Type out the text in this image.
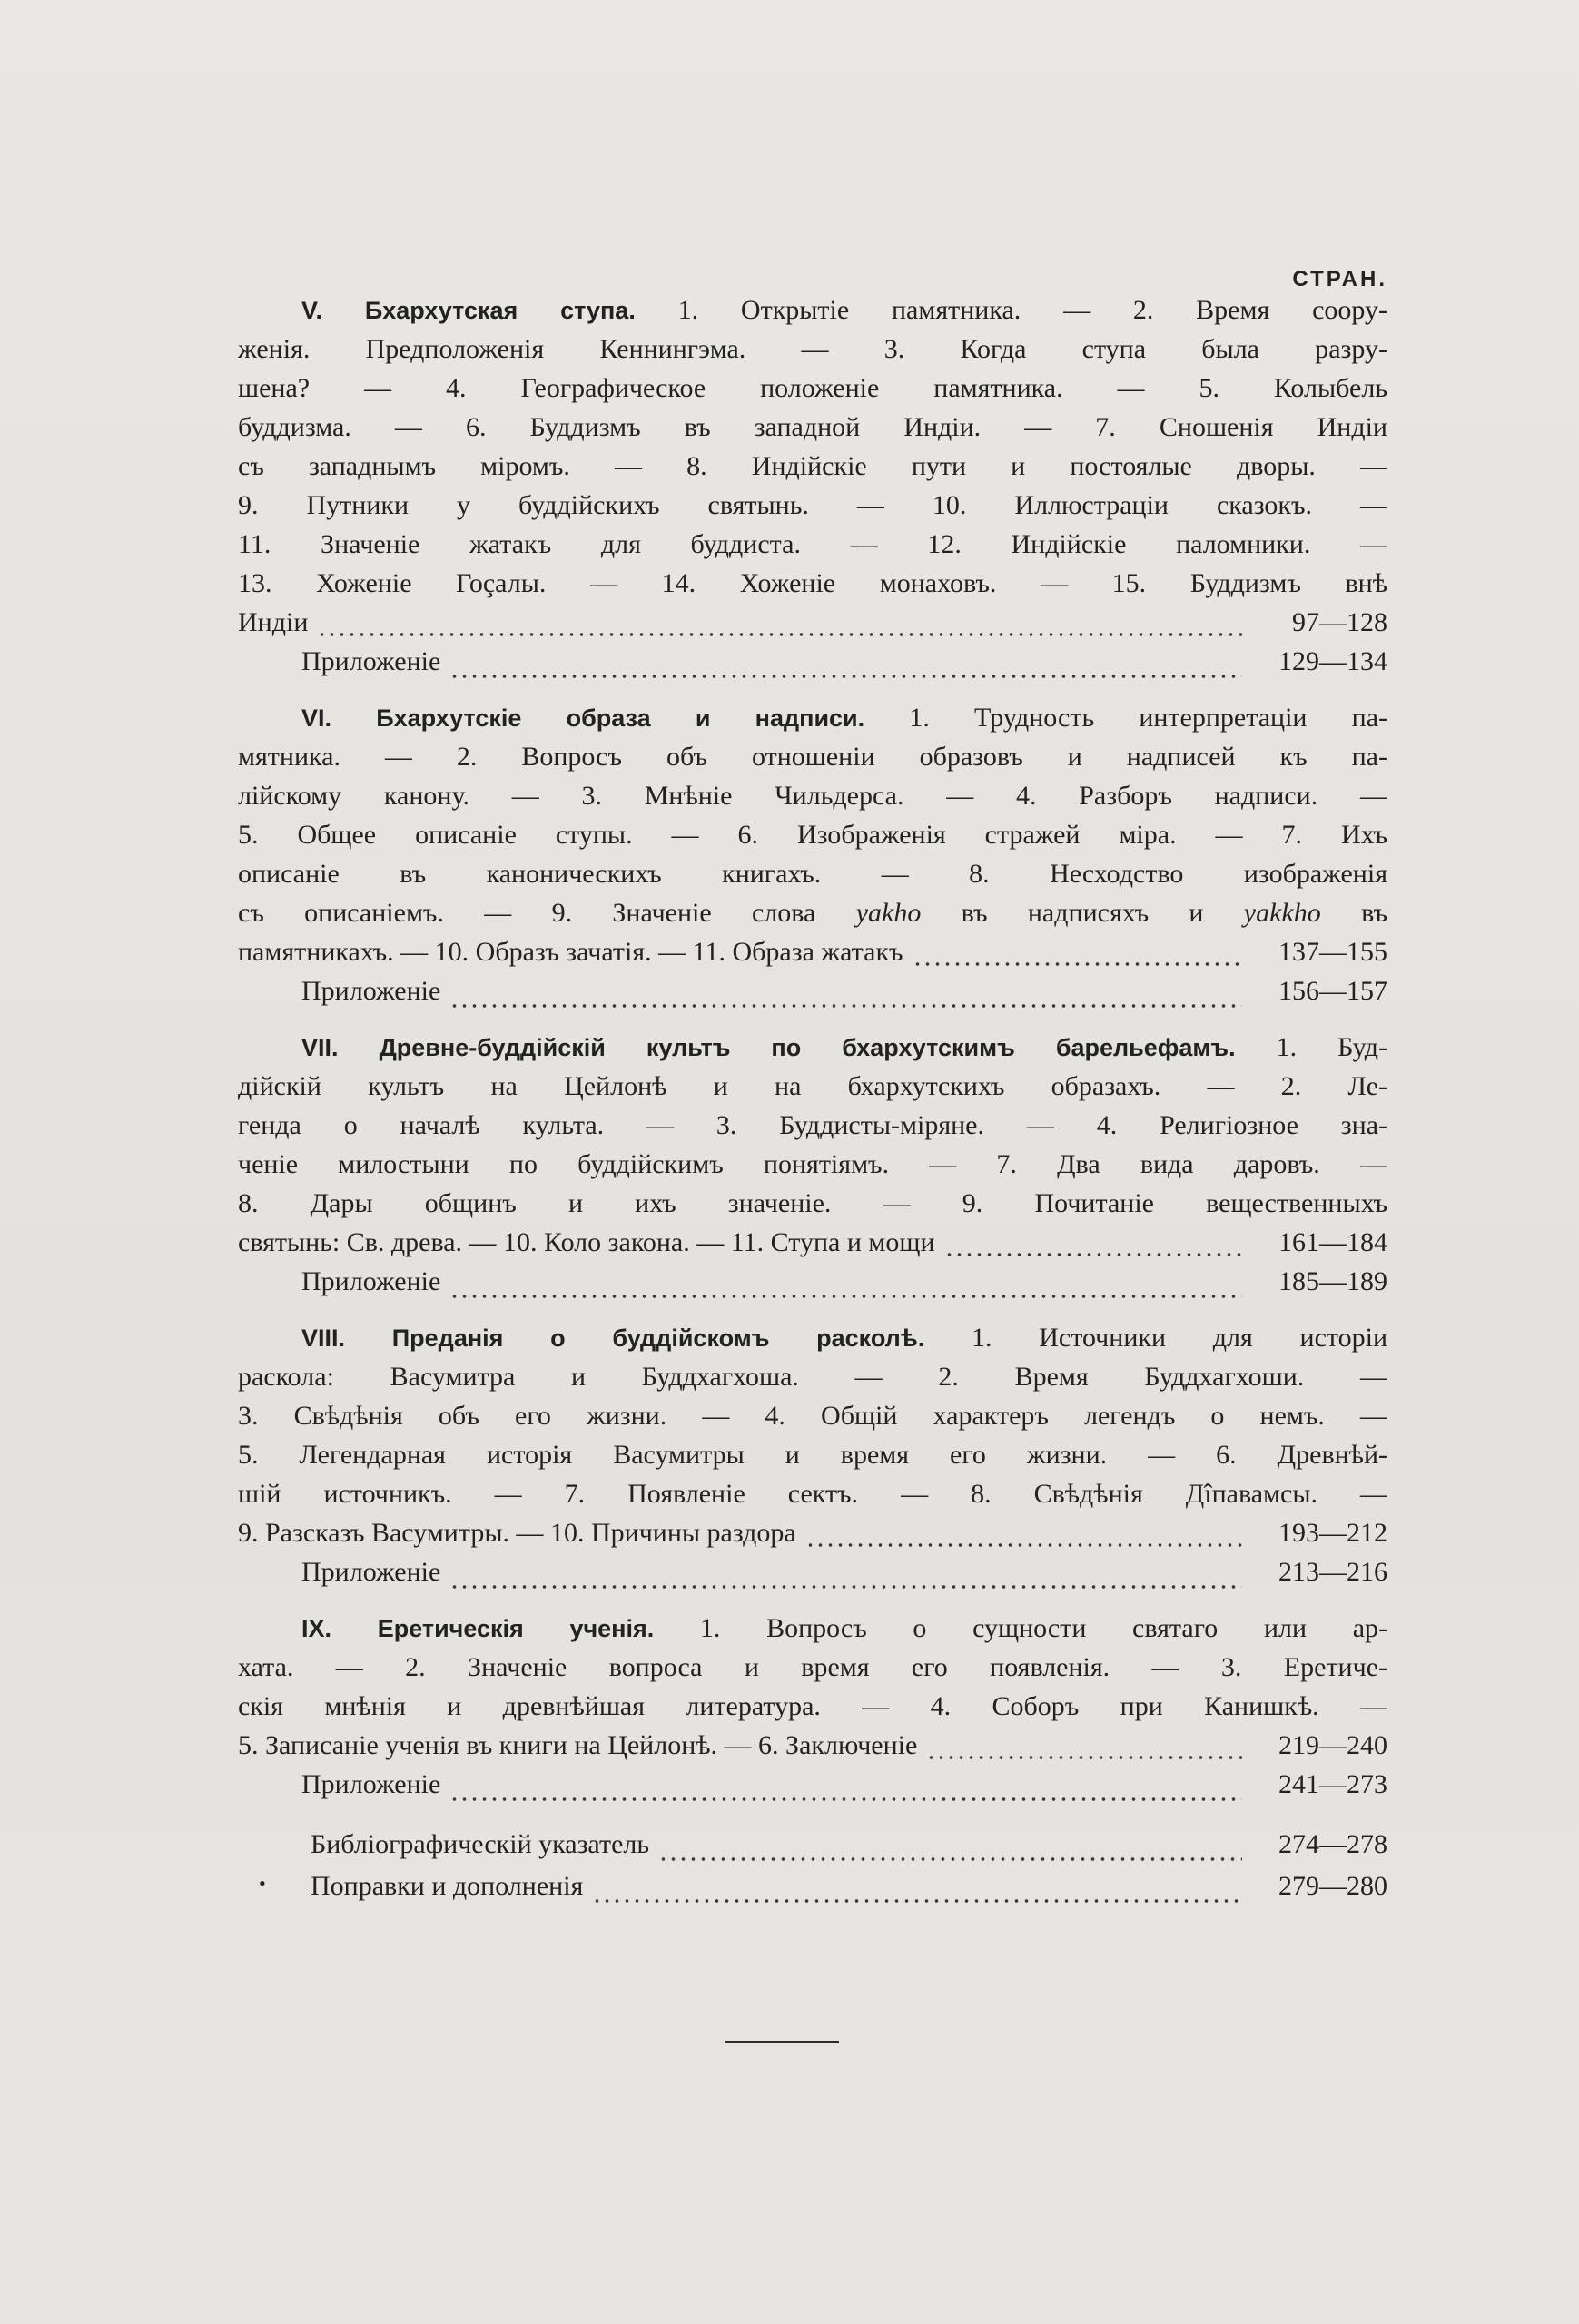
СТРАН.
V. Бхархутская ступа. 1. Открытіе памятника. — 2. Время соору-
женія. Предположенія Кеннингэма. — 3. Когда ступа была разру-
шена? — 4. Географическое положеніе памятника. — 5. Колыбель
буддизма. — 6. Буддизмъ въ западной Индіи. — 7. Сношенія Индіи
съ западнымъ міромъ. — 8. Индійскіе пути и постоялые дворы. —
9. Путники у буддійскихъ святынь. — 10. Иллюстраціи сказокъ. —
11. Значеніе жатакъ для буддиста. — 12. Индійскіе паломники. —
13. Хоженіе Гоçалы. — 14. Хоженіе монаховъ. — 15. Буддизмъ внѣ
Индіи	97—128
Приложеніе	129—134
VI. Бхархутскіе образа и надписи. 1. Трудность интерпретаціи па-
мятника. — 2. Вопросъ объ отношеніи образовъ и надписей къ па-
лійскому канону. — 3. Мнѣніе Чильдерса. — 4. Разборъ надписи. —
5. Общее описаніе ступы. — 6. Изображенія стражей міра. — 7. Ихъ
описаніе въ каноническихъ книгахъ. — 8. Несходство изображенія
съ описаніемъ. — 9. Значеніе слова yakho въ надписяхъ и yakkho въ
памятникахъ. — 10. Образъ зачатія. — 11. Образа жатакъ	137—155
Приложеніе	156—157
VII. Древне-буддійскій культъ по бхархутскимъ барельефамъ. 1. Буд-
дійскій культъ на Цейлонѣ и на бхархутскихъ образахъ. — 2. Ле-
генда о началѣ культа. — 3. Буддисты-міряне. — 4. Религіозное зна-
ченіе милостыни по буддійскимъ понятіямъ. — 7. Два вида даровъ. —
8. Дары общинъ и ихъ значеніе. — 9. Почитаніе вещественныхъ
святынь: Св. древа. — 10. Коло закона. — 11. Ступа и мощи	161—184
Приложеніе	185—189
VIII. Преданія о буддійскомъ расколѣ. 1. Источники для исторіи
раскола: Васумитра и Буддхагхоша. — 2. Время Буддхагхоши. —
3. Свѣдѣнія объ его жизни. — 4. Общій характеръ легендъ о немъ. —
5. Легендарная исторія Васумитры и время его жизни. — 6. Древнѣй-
шій источникъ. — 7. Появленіе сектъ. — 8. Свѣдѣнія Дîпавамсы. —
9. Разсказъ Васумитры. — 10. Причины раздора	193—212
Приложеніе	213—216
IX. Еретическія ученія. 1. Вопросъ о сущности святаго или ар-
хата. — 2. Значеніе вопроса и время его появленія. — 3. Еретиче-
скія мнѣнія и древнѣйшая литература. — 4. Соборъ при Канишкѣ. —
5. Записаніе ученія въ книги на Цейлонѣ. — 6. Заключеніе	219—240
Приложеніе	241—273
Библіографическій указатель	274—278
Поправки и дополненія	279—280
•
